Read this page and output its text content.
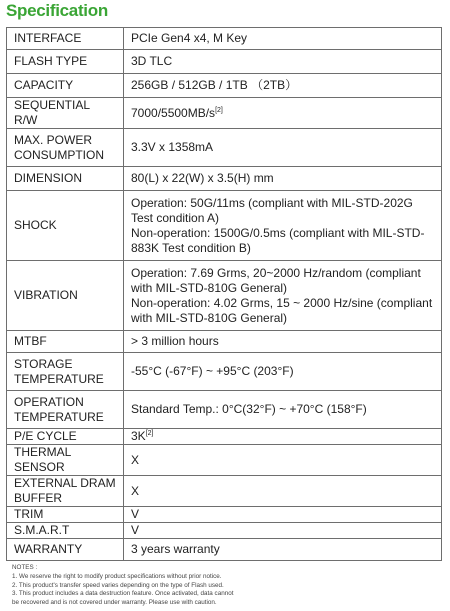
Specification
INTERFACE	PCIe Gen4 x4, M Key

FLASH TYPE	3D TLC

CAPACITY	256GB / 512GB / 1TB （2TB）

SEQUENTIAL R/W	7000/5500MB/s[2]

MAX. POWER CONSUMPTION	3.3V x 1358mA

DIMENSION	80(L) x 22(W) x 3.5(H) mm

SHOCK	Operation: 50G/11ms (compliant with MIL-STD-202G Test condition A)
Non-operation: 1500G/0.5ms (compliant with MIL-STD-883K Test condition B)

VIBRATION	Operation: 7.69 Grms, 20~2000 Hz/random (compliant with MIL-STD-810G General)
Non-operation: 4.02 Grms, 15 ~ 2000 Hz/sine (compliant with MIL-STD-810G General)

MTBF	> 3 million hours

STORAGE TEMPERATURE	-55°C (-67°F) ~ +95°C (203°F)

OPERATION TEMPERATURE	Standard Temp.: 0°C(32°F) ~ +70°C (158°F)

P/E CYCLE	3K[2]

THERMAL SENSOR	X

EXTERNAL DRAM BUFFER	X

TRIM	V

S.M.A.R.T	V

WARRANTY	3 years warranty
NOTES :
1. We reserve the right to modify product specifications without prior notice.
2. This product's transfer speed varies depending on the type of Flash used.
3. This product includes a data destruction feature. Once activated, data cannot
be recovered and is not covered under warranty. Please use with caution.
